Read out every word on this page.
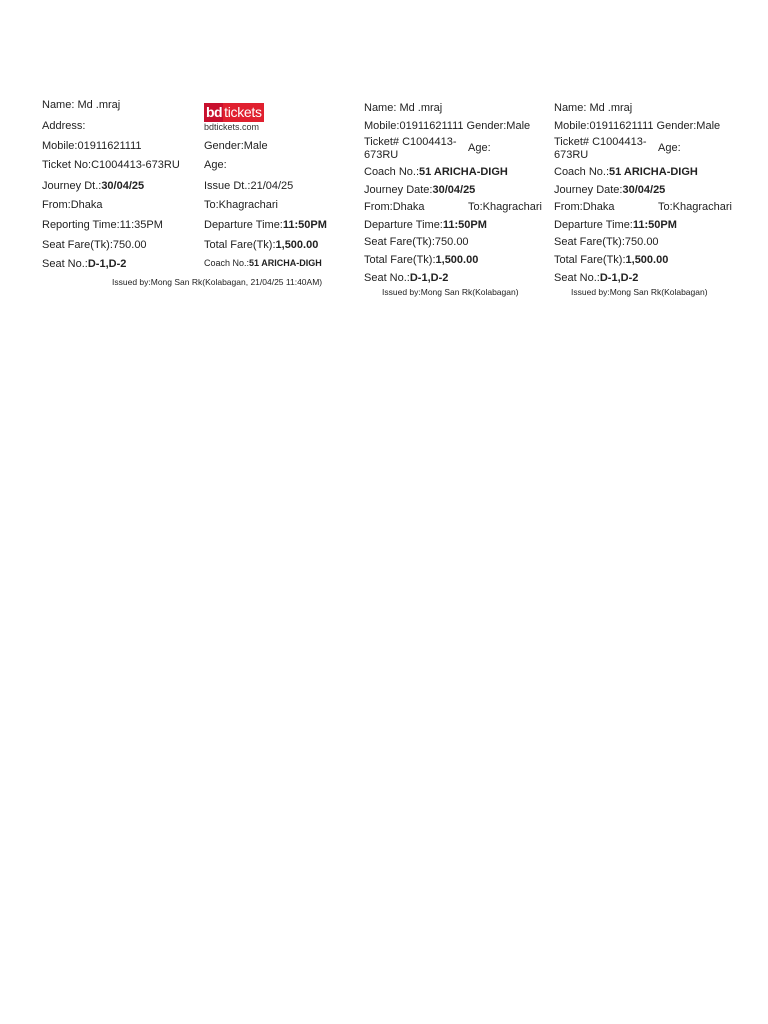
Name: Md .mraj	bd tickets
bdtickets.com
Address:
Mobile:01911621111	Gender:Male
Ticket No:C1004413-673RU Age:
Journey Dt.:30/04/25	Issue Dt.:21/04/25
From:Dhaka	To:Khagrachari
Reporting Time:11:35PM	Departure Time:11:50PM
Seat Fare(Tk):750.00	Total Fare(Tk):1,500.00
Seat No.:D-1,D-2	Coach No.:51 ARICHA-DIGH
Issued by:Mong San Rk(Kolabagan, 21/04/25 11:40AM)
Name: Md .mraj
Mobile:01911621111 Gender:Male
Ticket# C1004413-673RU
Age:
Coach No.:51 ARICHA-DIGH
Journey Date:30/04/25
From:Dhaka	To:Khagrachari
Departure Time:11:50PM
Seat Fare(Tk):750.00
Total Fare(Tk):1,500.00
Seat No.:D-1,D-2
Issued by:Mong San Rk(Kolabagan)
Name: Md .mraj
Mobile:01911621111 Gender:Male
Ticket# C1004413-673RU
Age:
Coach No.:51 ARICHA-DIGH
Journey Date:30/04/25
From:Dhaka	To:Khagrachari
Departure Time:11:50PM
Seat Fare(Tk):750.00
Total Fare(Tk):1,500.00
Seat No.:D-1,D-2
Issued by:Mong San Rk(Kolabagan)
